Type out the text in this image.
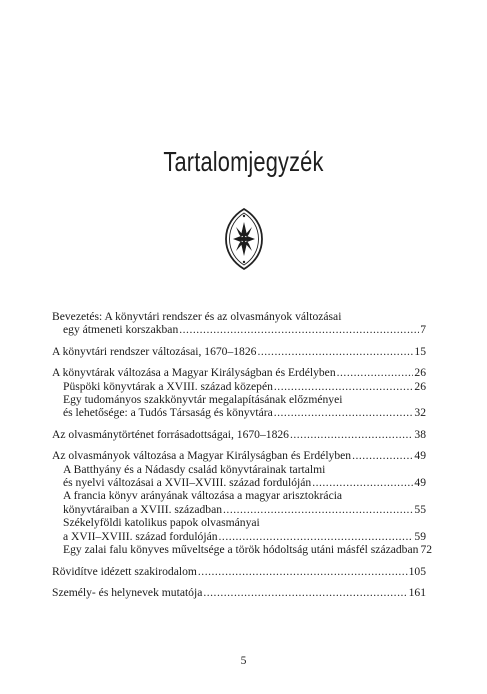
Tartalomjegyzék
Bevezetés: A könyvtári rendszer és az olvasmányok változásai
egy átmeneti korszakban .....	7
A könyvtári rendszer változásai, 1670–1826 .....	15
A könyvtárak változása a Magyar Királyságban és Erdélyben .....	26
Püspöki könyvtárak a XVIII. század közepén .....	26
Egy tudományos szakkönyvtár megalapításának előzményei
és lehetősége: a Tudós Társaság és könyvtára .....	32
Az olvasmánytörténet forrásadottságai, 1670–1826 .....	38
Az olvasmányok változása a Magyar Királyságban és Erdélyben .....	49
A Batthyány és a Nádasdy család könyvtárainak tartalmi
és nyelvi változásai a XVII–XVIII. század fordulóján .....	49
A francia könyv arányának változása a magyar arisztokrácia
könyvtáraiban a XVIII. században .....	55
Székelyföldi katolikus papok olvasmányai
a XVII–XVIII. század fordulóján .....	59
Egy zalai falu könyves műveltsége a török hódoltság utáni másfél században 72
Rövidítve idézett szakirodalom .....	105
Személy- és helynevek mutatója .....	161
5
